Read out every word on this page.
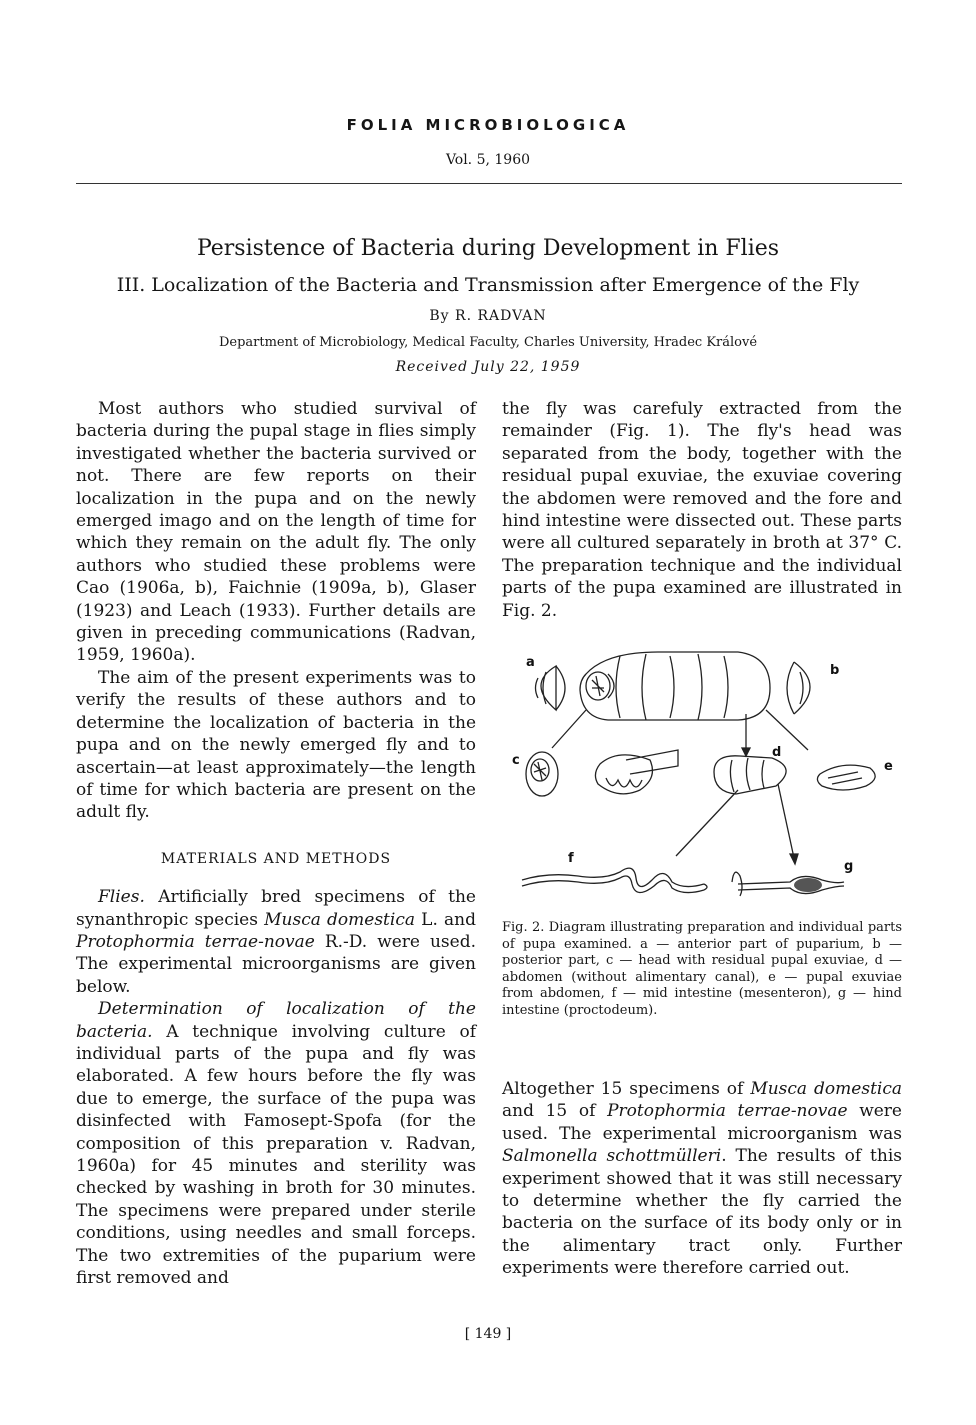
FOLIA MICROBIOLOGICA
Vol. 5, 1960
Persistence of Bacteria during Development in Flies
III. Localization of the Bacteria and Transmission after Emergence of the Fly
By R. RADVAN
Department of Microbiology, Medical Faculty, Charles University, Hradec Králové
Received July 22, 1959

Most authors who studied survival of bacteria during the pupal stage in flies simply investigated whether the bacteria survived or not. There are few reports on their localization in the pupa and on the newly emerged imago and on the length of time for which they remain on the adult fly. The only authors who studied these problems were Cao (1906a, b), Faichnie (1909a, b), Glaser (1923) and Leach (1933). Further details are given in preceding communications (Radvan, 1959, 1960a).

The aim of the present experiments was to verify the results of these authors and to determine the localization of bacteria in the pupa and on the newly emerged fly and to ascertain—at least approximately—the length of time for which bacteria are present on the adult fly.

MATERIALS AND METHODS

Flies. Artificially bred specimens of the synanthropic species Musca domestica L. and Protophormia terrae-novae R.-D. were used. The experimental microorganisms are given below.

Determination of localization of the bacteria. A technique involving culture of individual parts of the pupa and fly was elaborated. A few hours before the fly was due to emerge, the surface of the pupa was disinfected with Famosept-Spofa (for the composition of this preparation v. Radvan, 1960a) for 45 minutes and sterility was checked by washing in broth for 30 minutes. The specimens were prepared under sterile conditions, using needles and small forceps. The two extremities of the puparium were first removed and

the fly was carefuly extracted from the remainder (Fig. 1). The fly's head was separated from the body, together with the residual pupal exuviae, the exuviae covering the abdomen were removed and the fore and hind intestine were dissected out. These parts were all cultured separately in broth at 37° C. The preparation technique and the individual parts of the pupa examined are illustrated in Fig. 2.

a
b
c
d
e
f
g
Fig. 2. Diagram illustrating preparation and individual parts of pupa examined. a — anterior part of puparium, b — posterior part, c — head with residual pupal exuviae, d — abdomen (without alimentary canal), e — pupal exuviae from abdomen, f — mid intestine (mesenteron), g — hind intestine (proctodeum).

Altogether 15 specimens of Musca domestica and 15 of Protophormia terrae-novae were used. The experimental microorganism was Salmonella schottmülleri. The results of this experiment showed that it was still necessary to determine whether the fly carried the bacteria on the surface of its body only or in the alimentary tract only. Further experiments were therefore carried out.

[ 149 ]
